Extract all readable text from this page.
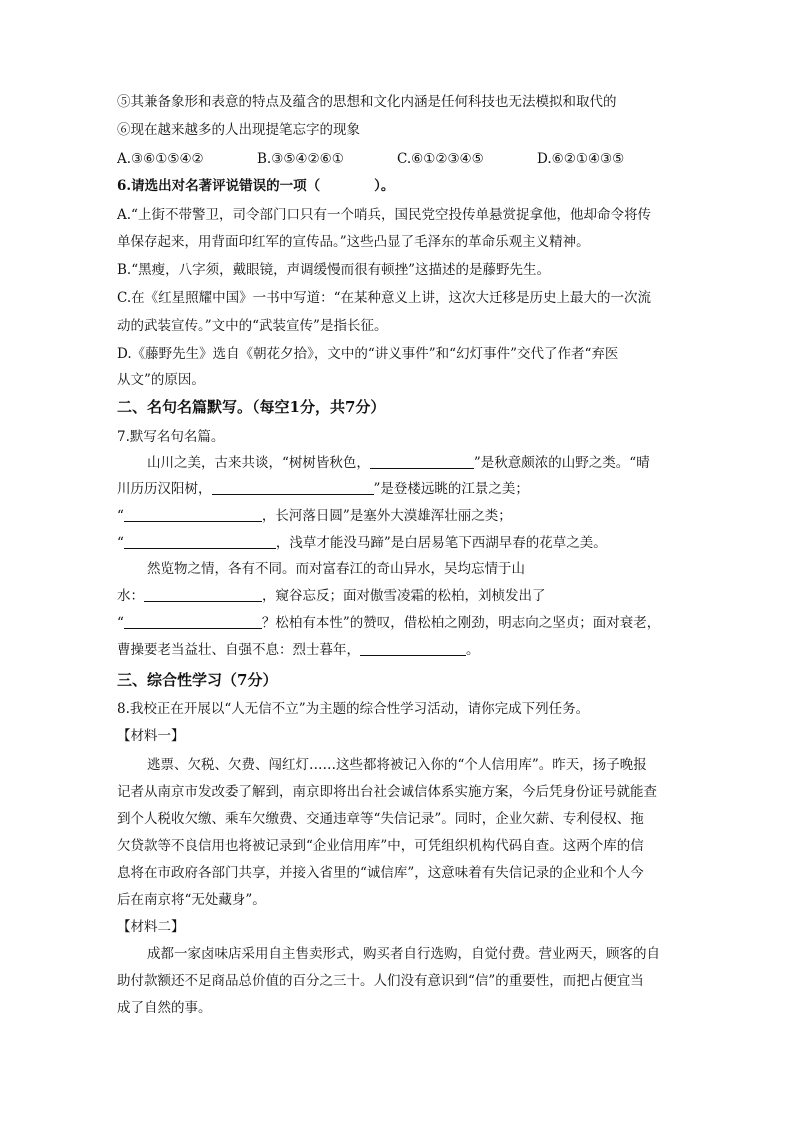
⑤其兼备象形和表意的特点及蕴含的思想和文化内涵是任何科技也无法模拟和取代的
⑥现在越来越多的人出现提笔忘字的现象
A.③⑥①⑤④②	B.③⑤④②⑥①	C.⑥①②③④⑤	D.⑥②①④③⑤
6.请选出对名著评说错误的一项（	）。
A.“上街不带警卫，司令部门口只有一个哨兵，国民党空投传单悬赏捉拿他，他却命令将传
单保存起来，用背面印红军的宣传品。”这些凸显了毛泽东的革命乐观主义精神。
B.“黑瘦，八字须，戴眼镜，声调缓慢而很有顿挫”这描述的是藤野先生。
C.在《红星照耀中国》一书中写道：“在某种意义上讲，这次大迁移是历史上最大的一次流
动的武装宣传。”文中的“武装宣传”是指长征。
D.《藤野先生》选自《朝花夕拾》，文中的“讲义事件”和“幻灯事件”交代了作者“弃医
从文”的原因。
二、名句名篇默写。（每空1分，共7分）
7.默写名句名篇。
山川之美，古来共谈，“树树皆秋色，	”是秋意颇浓的山野之类。“晴
川历历汉阳树，	”是登楼远眺的江景之美；
“	，长河落日圆”是塞外大漠雄浑壮丽之类；
“	，浅草才能没马蹄”是白居易笔下西湖早春的花草之美。
然览物之情，各有不同。而对富春江的奇山异水，吴均忘情于山
水：	，窥谷忘反；面对傲雪凌霜的松柏，刘桢发出了
“	？松柏有本性”的赞叹，借松柏之刚劲，明志向之坚贞；面对衰老，
曹操要老当益壮、自强不息：烈士暮年，	。
三、综合性学习（7分）
8.我校正在开展以“人无信不立”为主题的综合性学习活动，请你完成下列任务。
【材料一】
逃票、欠税、欠费、闯红灯……这些都将被记入你的“个人信用库”。昨天，扬子晚报
记者从南京市发改委了解到，南京即将出台社会诚信体系实施方案，今后凭身份证号就能查
到个人税收欠缴、乘车欠缴费、交通违章等“失信记录”。同时，企业欠薪、专利侵权、拖
欠贷款等不良信用也将被记录到“企业信用库”中，可凭组织机构代码自查。这两个库的信
息将在市政府各部门共享，并接入省里的“诚信库”，这意味着有失信记录的企业和个人今
后在南京将“无处藏身”。
【材料二】
成都一家卤味店采用自主售卖形式，购买者自行选购，自觉付费。营业两天，顾客的自
助付款额还不足商品总价值的百分之三十。人们没有意识到“信”的重要性，而把占便宜当
成了自然的事。
